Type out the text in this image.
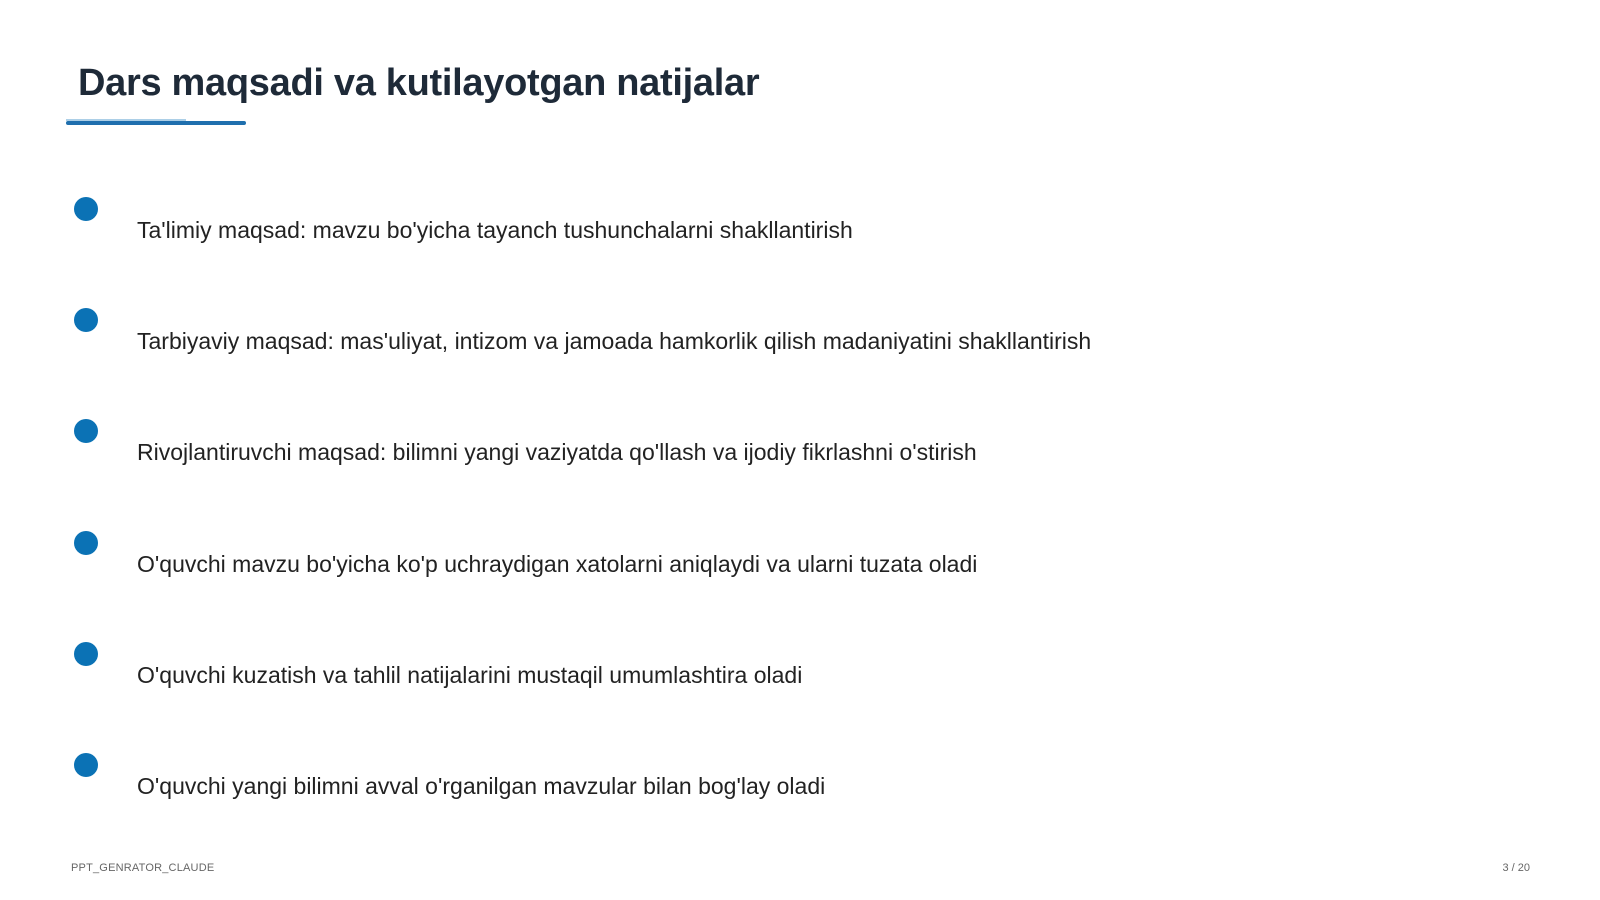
Dars maqsadi va kutilayotgan natijalar
Ta'limiy maqsad: mavzu bo'yicha tayanch tushunchalarni shakllantirish
Tarbiyaviy maqsad: mas'uliyat, intizom va jamoada hamkorlik qilish madaniyatini shakllantirish
Rivojlantiruvchi maqsad: bilimni yangi vaziyatda qo'llash va ijodiy fikrlashni o'stirish
O'quvchi mavzu bo'yicha ko'p uchraydigan xatolarni aniqlaydi va ularni tuzata oladi
O'quvchi kuzatish va tahlil natijalarini mustaqil umumlashtira oladi
O'quvchi yangi bilimni avval o'rganilgan mavzular bilan bog'lay oladi
PPT_GENRATOR_CLAUDE	3 / 20
